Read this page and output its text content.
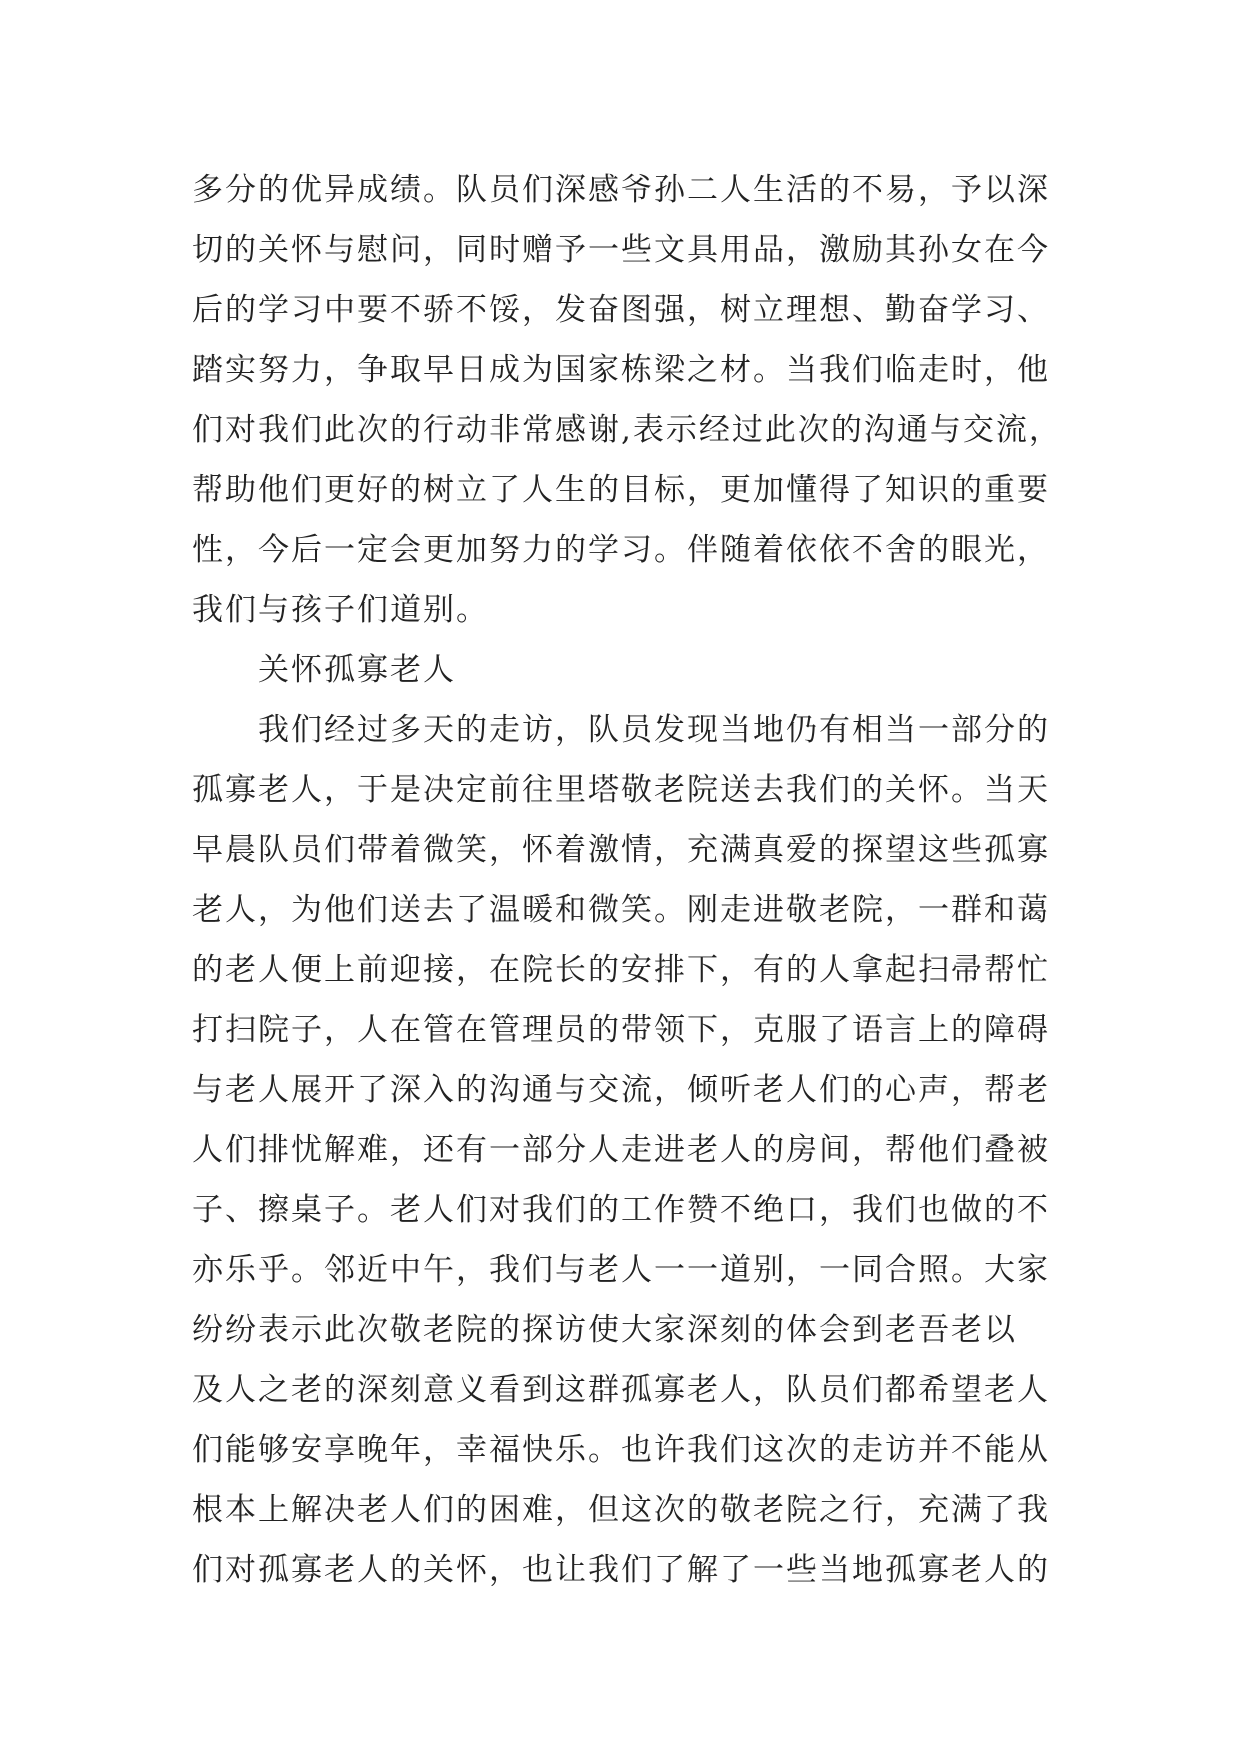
多分的优异成绩。队员们深感爷孙二人生活的不易，予以深
切的关怀与慰问，同时赠予一些文具用品，激励其孙女在今
后的学习中要不骄不馁，发奋图强，树立理想、勤奋学习、
踏实努力，争取早日成为国家栋梁之材。当我们临走时，他
们对我们此次的行动非常感谢,表示经过此次的沟通与交流，
帮助他们更好的树立了人生的目标，更加懂得了知识的重要
性，今后一定会更加努力的学习。伴随着依依不舍的眼光，
我们与孩子们道别。
关怀孤寡老人
我们经过多天的走访，队员发现当地仍有相当一部分的
孤寡老人，于是决定前往里塔敬老院送去我们的关怀。当天
早晨队员们带着微笑，怀着激情，充满真爱的探望这些孤寡
老人，为他们送去了温暖和微笑。刚走进敬老院，一群和蔼
的老人便上前迎接，在院长的安排下，有的人拿起扫帚帮忙
打扫院子，人在管在管理员的带领下，克服了语言上的障碍
与老人展开了深入的沟通与交流，倾听老人们的心声，帮老
人们排忧解难，还有一部分人走进老人的房间，帮他们叠被
子、擦桌子。老人们对我们的工作赞不绝口，我们也做的不
亦乐乎。邻近中午，我们与老人一一道别，一同合照。大家
纷纷表示此次敬老院的探访使大家深刻的体会到老吾老以
及人之老的深刻意义看到这群孤寡老人，队员们都希望老人
们能够安享晚年，幸福快乐。也许我们这次的走访并不能从
根本上解决老人们的困难，但这次的敬老院之行，充满了我
们对孤寡老人的关怀，也让我们了解了一些当地孤寡老人的
